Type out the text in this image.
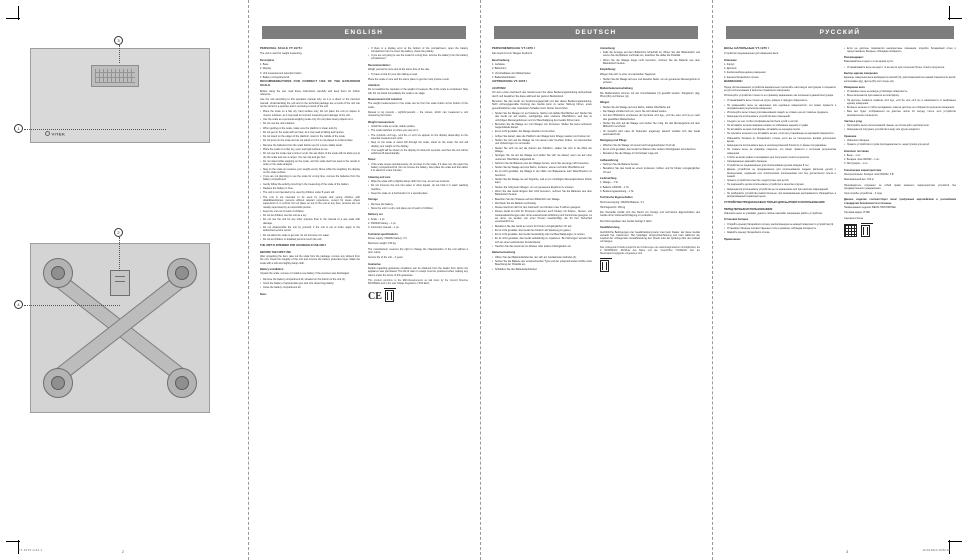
VITEK
3
1
2
4
VT-1976.indd 1	2
ENGLISH
PERSONAL SCALE VT-1976 I
The unit is used for weight measuring.
Description
1. Base
2. Display
3. Unit measurement selection button
4. Battery compartment lid
RECOMMENDATIONS FOR CORRECT USE OF THE BATHROOM SCALE
Before using the unit, read these instructions carefully and keep them for further reference.
Use the unit according to this operation manual only, as it is a direct or the incorrect manual. Understanding the unit and to the technical package are a result of the unit can not be stored in a purpose and is not being a result of the unit.
• Place the scale on a flat, dry, hard surface only. Do not place the unit on slopes or uneven surfaces, as it may lead to incorrect measuring and damage of the unit.
• Use the scale as a personal weighing scale only. Do not place heavy objects on it.
• Do not use the unit outdoors.
• When getting on the scale, make sure the platform is clean and dry.
• Do not get on the scale with wet feet, as it may lead to falling and injuries.
• Do not stand on the edges of the platform, stand in the middle of the scale.
• Do not jump on the scale and do not stand on it if it is not placed on a flat surface.
• Remove the batteries from the scale before use for a more stable result.
• Place the scale on a flat, dry, even and rigid surface to use.
• Do not use the scale near a sink or a tub, the wet drops of the scale will not allow you to dry the scale and use a carpet. You can slip and get hurt.
• Do not stand while stepping on the scale, and the scale itself can lead to the results in order or the scale analysis.
• Stay on the scale on measure your weight evenly. Move while the weighing; the display on the scale surface.
• If you are not planning to use the scale for a long time, remove the batteries from the battery compartment.
• Gently follow the activity occurring in the measuring of the scale of the battery.
• Replace the battery in time.
• The unit is not intended to be used by children under 8 years old.
• The unit is not intended to be used by people and young children with disabilities/injuries; persons without relevant experience, except for cases where supervision is in control. Do not place on top of the unit at any time; persons are not usually supervised by a responsible person.
• Keep the unit out of reach of children.
• Do not let children use the unit as a toy.
• Do not use the unit for any other purpose than in the manual of a wet scale with damage.
• Do not disassemble the unit by yourself, if the unit is out of order, apply to the authorized service center.
• Do not allow the scale to get wet; do not immerse it in water.
• Do not let children or disabled persons touch the unit.
THE UNIT IS INTENDED FOR HOUSEHOLD USE ONLY
BEFORE THE FIRST USE
After unpacking the item, take out the scale from the package, remove any stickers from the unit, check the integrity of the unit and remove the battery protective layer. Make the scale with a soft and slightly damp cloth.
Battery installation
Unpack the scale, remove or install a new battery if the previous was discharged.
• Remove the battery compartment lid, situated on the bottom of the unit (4).
• Insert the battery of appropriate type and size observing polarity.
• Close the battery compartment lid.
Note:
• If there is a display error at the bottom of the compartment, open the battery compartment and re-insert the battery, check the polarity.
• If you are not going to use the scale for a long time, remove the battery from the battery compartment.
Recommendation:
Weigh yourself at once and at the same time of the day.
• To have a look for your skin taking a meal.
Place the scale on one and the same place to get the most precise result.
Attention:
Do not swallow the capsules or the weight of measure. Be of the scale is considered. Stay still. Do not stand immediately the scale is an stage.
Measurement unit selection
The weight measurement in the scale can be from the scale button at the bottom of the scale:
Repeat to kg pounds – kg/lb/st:pounds – the stones, which can measured a unit measuring the button.
Weight measurement
• Install the scale on a flat, stable surface.
• The scale switches on when you step on it.
• The symbols «0.0 kg», «0.0 lb» or «0.0 st» appear on the display depending on the selected measurement units.
• Step on the scale or stand still through the scale; stand on the scale; the unit will display your weight on the display.
• Your weight will be shown on the display for about 10 seconds, and then the unit will be switched off automatically.
Notes:
• If the scale moves spontaneously, do not step on the scale. If it does not, the upper the battery compartment lid. Do not remove the battery. Also place the scale and then allow it to stand for a few minutes.
Cleaning and care
• Wipe the scale with a slightly damp cloth from use, do not use solvents.
• Do not immerse the unit into water or other liquids, do not hold it in wash washing machine.
• Keep the scale on a horizontal or in a special place.
Storage
• Remove the battery.
• Store the unit in a dry cool place out of reach of children.
Delivery set
1. Scale – 1 pc.
2. CR2032 battery – 1 pc.
3. Instruction manual – 1 pc.
Technical specifications
Power supply: CR2032 battery, 3 V
Maximum weight: 150 kg
The manufacturer reserves the right to change the characteristics of the unit without a prior notice.
Service life of the unit – 3 years
Guarantee
Details regarding guarantee conditions can be obtained from the dealer from whom the appliance was purchased. The bill of sale or receipt must be produced when making any claims under the terms of this guarantee.
This product conforms to the EMC-Requirements as laid down by the Council Directive 89/336/EEC and to the Law Voltage Regulation (73/23 EEC)
C E
DEUTSCH
PERSONENWAAGE VT-1976 I
Das Gerät ist zum Wiegen bestimmt.
Beschreibung
1. Gehäuse
2. Bildschirm
3. Umschalttaste der Maßeinheiten
4. Batteriefachdeckel
ANTWEISUNG VT-1976 I
ACHTUNG!
Vor dem ersten Gebrauch des Geräts lesen Sie diese Bedienungsanleitung aufmerksam durch und bewahren Sie diese während der ganzen Betriebszeit.
Benutzen Sie das Gerät nur bestimmungsgemäß und laut dieser Bedienungsanleitung. Nicht ordnungsgemäße Nutzung des Geräts kann zu seiner Störung führen, einen gesundheitlichen oder materiellen Schaden beim Nutzer hervorrufen.
• Stellen Sie die Waage nur auf trockene, flache und stabile Oberflächen auf. Stellen Sie das Gerät nie auf weiche, nachgiebige oder unebene Oberflächen, weil das zu unrichtigen Messergebnissen und zur Beschädigung des Geräts führen kann.
• Benutzen Sie die Waage nur zum Wiegen von Personen. Stellen Sie keine schweren Gegenstände darauf.
• Es ist nicht gestattet, die Waage draußen zu benutzen.
• Achten Sie darauf, dass die Plattform der Waage beim Wiegen sauber und trocken ist.
• Stellen Sie sich auf die Waage nie mit nassen oder feuchten Füßen, um Ausrutschen und Verletzungen zu vermeiden.
• Stellen Sie sich nie auf die Kanten der Plattform, stellen Sie sich in die Mitte der Waage.
• Springen Sie nie auf die Waage und stellen Sie sich nie darauf, wenn sie auf einer unebenen Oberfläche aufgestellt ist.
• Nehmen Sie die Batterien aus der Waage heraus, wenn Sie sie lange nicht benutzen.
• Stellen Sie die Waage auf eine flache, trockene, ebene und harte Oberfläche auf.
• Es ist nicht gestattet, die Waage in der Nähe von Badewanne oder Waschbecken zu benutzen.
• Stellen Sie die Waage nie auf Teppiche, weil es zu unrichtigen Messergebnissen führen kann.
• Stehen Sie ruhig beim Wiegen, um ein genaueres Ergebnis zu erzielen.
• Wenn Sie das Gerät längere Zeit nicht benutzen, nehmen Sie die Batterien aus dem Batteriefach heraus.
• Beachten Sie die Hinweise auf dem Bildschirm der Waage.
• Wechseln Sie die Batterie rechtzeitig.
• Dieses Gerät ist nicht für den Gebrauch von Kindern unter 8 Jahren geeignet.
• Dieses Gerät ist nicht für Personen (darunter auch Kinder) mit Körper-, Nerven- und Geistesabweichungen oder ohne ausreichende Erfahrung und Kenntnisse geeignet, es sei denn, sie werden von einer Person beaufsichtigt, die für ihre Sicherheit verantwortlich ist.
• Bewahren Sie das Gerät an einem für Kinder unzugänglichen Ort auf.
• Es ist nicht gestattet, das Gerät den Kindern als Spielzeug zu geben.
• Es ist nicht gestattet, das Gerät zweckwidrig oder bei Beschädigungen zu nutzen.
• Es ist nicht gestattet, das Gerät selbständig zu reparieren. Bei Störungen wenden Sie sich an einen autorisierten Kundendienst.
• Tauchen Sie das Gerät nie ins Wasser oder andere Flüssigkeiten ein.
Batterieeinsetzung
• Öffnen Sie den Batteriefachdeckel, der sich am Geräteboden befindet (4).
• Setzen Sie die Batterie des entsprechenden Typs und der entsprechenden Größe unter Beachtung der Polarität ein.
• Schließen Sie den Batteriefachdeckel.
Anmerkung:
• Falls die Anzeige auf dem Bildschirm fehlerhaft ist, öffnen Sie das Batteriefach und setzen Sie die Batterie nochmals ein, beachten Sie dabei die Polarität.
• Wenn Sie die Waage lange nicht benutzen, nehmen Sie die Batterie aus dem Batteriefach heraus.
Empfehlung:
Wiegen Sie sich zu einer und derselben Tageszeit.
• Stellen Sie die Waage auf eine und dieselbe Stelle, um ein genaueres Messergebnis zu erzielen.
Maßeinheitenumschaltung
Die Maßeinheiten können mit der Umschalttaste (3) gewählt werden: Kilogramm (kg), Pfund (lb) und Stones (st).
Wiegen
• Stellen Sie die Waage auf eine flache, stabile Oberfläche auf.
• Die Waage schaltet sich ein, wenn Sie sich darauf stellen.
• Auf dem Bildschirm erscheinen die Symbole «0.0 kg», «0.0 lb» oder «0.0 st» je nach den gewählten Maßeinheiten.
• Stellen Sie sich auf die Waage und stehen Sie ruhig, bis das Messergebnis auf dem Bildschirm erscheint.
• Ihr Gewicht wird etwa 10 Sekunden angezeigt, danach schaltet sich das Gerät automatisch ab.
Reinigung und Pflege
• Wischen Sie die Waage mit einem leicht angefeuchteten Tuch ab.
• Es ist nicht gestattet, das Gerät ins Wasser oder andere Flüssigkeiten einzutauchen.
• Bewahren Sie die Waage in horizontaler Lage auf.
Aufbewahrung
• Nehmen Sie die Batterie heraus.
• Bewahren Sie das Gerät an einem trockenen, kühlen und für Kinder unzugänglichen Ort auf.
Lieferumfang
1. Waage – 1 St.
2. Batterie CR2032 – 1 St.
3. Bedienungsanleitung – 1 St.
Technische Eigenschaften
Stromversorgung: CR2032 Batterie, 3 V
Höchstgewicht: 150 kg
Der Hersteller behält sich das Recht vor, Design und technische Eigenschaften des Geräts ohne Vorbenachrichtigung zu verändern.
Die Nutzungsdauer des Geräts beträgt 3 Jahre
Gewährleistung
Ausführliche Bedingungen der Gewährleistung kann man beim Dealer, der diese Geräte verkauft hat, bekommen. Bei beliebiger Anspruchserhebung soll man während der Laufzeit der vorliegenden Gewährleistung den Check oder die Quittung über den Ankauf vorzulegen.
Das vorliegende Produkt entspricht den Forderungen der elektromagnetischen Verträglichkeit, die in 89/336/EWG -Richtlinie des Rates und den Vorschriften 73/23/EWG über die Niederspannungsgeräte vorgesehen sind.
РУССКИЙ
ВЕСЫ НАПОЛЬНЫЕ VT-1976 I
Устройство предназначено для измерения веса.
Описание
1. Корпус
2. Дисплей
3. Кнопка выбора единиц измерения
4. Крышка батарейного отсека
ВНИМАНИЕ!
Перед использованием устройства внимательно прочитайте настоящую инструкцию и сохраните её для использования в качестве справочного материала.
Используйте устройство только по его прямому назначению, как изложено в данной инструкции.
• Устанавливайте весы только на сухую, ровную и твёрдую поверхность.
• Не размещайте весы на наклонных или неровных поверхностях, это может привести к неправильным результатам измерения.
• Используйте весы только для взвешивания людей, не ставьте на них тяжёлые предметы.
• Запрещается использовать устройство вне помещений.
• Следите за тем, чтобы платформа весов была сухой и чистой.
• Не вставайте на весы мокрыми ногами, во избежание падения и травм.
• Не вставайте на края платформы, вставайте на середину весов.
• Не прыгайте на весах и не вставайте на них, если они установлены на неровной поверхности.
• Извлекайте батарею из батарейного отсека, если вы не пользуетесь весами длительное время.
• Запрещается использовать весы в непосредственной близости от ванны или раковины.
• Не ставьте весы на ковровое покрытие, это может привести к неточным результатам измерения.
• Стойте на весах ровно и неподвижно для получения точного результата.
• Своевременно заменяйте батарею.
• Устройство не предназначено для использования детьми младше 8 лет.
• Данное устройство не предназначено для использования людьми (включая детей) с физическими, нервными или психическими отклонениями или без достаточного опыта и знаний.
• Храните устройство в местах, недоступных для детей.
• Не разрешайте детям использовать устройство в качестве игрушки.
• Запрещается использовать устройство не по назначению или при наличии повреждений.
• Не разбирайте устройство самостоятельно, при возникновении неисправности обращайтесь в авторизованный сервисный центр.
УСТРОЙСТВО ПРЕДНАЗНАЧЕНО ТОЛЬКО ДЛЯ БЫТОВОГО ИСПОЛЬЗОВАНИЯ
ПЕРЕД ПЕРВЫМ ИСПОЛЬЗОВАНИЕМ
Извлеките весы из упаковки, удалите любые наклейки, мешающие работе устройства.
Установка батареи
• Откройте крышку батарейного отсека, расположенную на нижней поверхности устройства (4).
• Установите батарею соответствующего типа и размера, соблюдая полярность.
• Закройте крышку батарейного отсека.
Примечание:
• Если на дисплее появляются некорректные показания, откройте батарейный отсек и переустановите батарею, соблюдая полярность.
Рекомендации:
Взвешивайтесь в одно и то же время суток.
• Устанавливайте весы на одно и то же место для получения более точного результата.
Выбор единиц измерения
Единицы измерения веса выбираются кнопкой (3), расположенной на нижней поверхности весов: килограммы (kg), фунты (lb) или стоуны (st).
Измерение веса
• Установите весы на ровную устойчивую поверхность.
• Весы включаются при нажатии на платформу.
• На дисплее появятся символы «0.0 kg», «0.0 lb» или «0.0 st» в зависимости от выбранных единиц измерения.
• Встаньте на весы и стойте неподвижно, пока на дисплее не отобразится результат измерения.
• Ваш вес будет отображаться на дисплее около 10 секунд, после чего устройство автоматически отключится.
Чистка и уход
• Протирайте весы слегка влажной тканью, не используйте растворители.
• Запрещается погружать устройство в воду или другие жидкости.
Хранение
• Извлеките батарею.
• Храните устройство в сухом прохладном месте, недоступном для детей.
Комплект поставки
1. Весы – 1 шт.
2. Батарея типа CR2032 – 1 шт.
3. Инструкция – 1 шт.
Технические характеристики
Электропитание: батарея типа CR2032, 3 В
Максимальный вес: 150 кг
Производитель сохраняет за собой право изменять характеристики устройств без предварительного уведомления.
Срок службы устройства – 3 года
Данное изделие соответствует всем требуемым европейским и российским стандартам безопасности и гигиены.
Наименование изделия: ВЕСЫ НАПОЛЬНЫЕ
Торговая марка: VITEK
Сделано в Китае
3	12.04.2013 13:52:18
